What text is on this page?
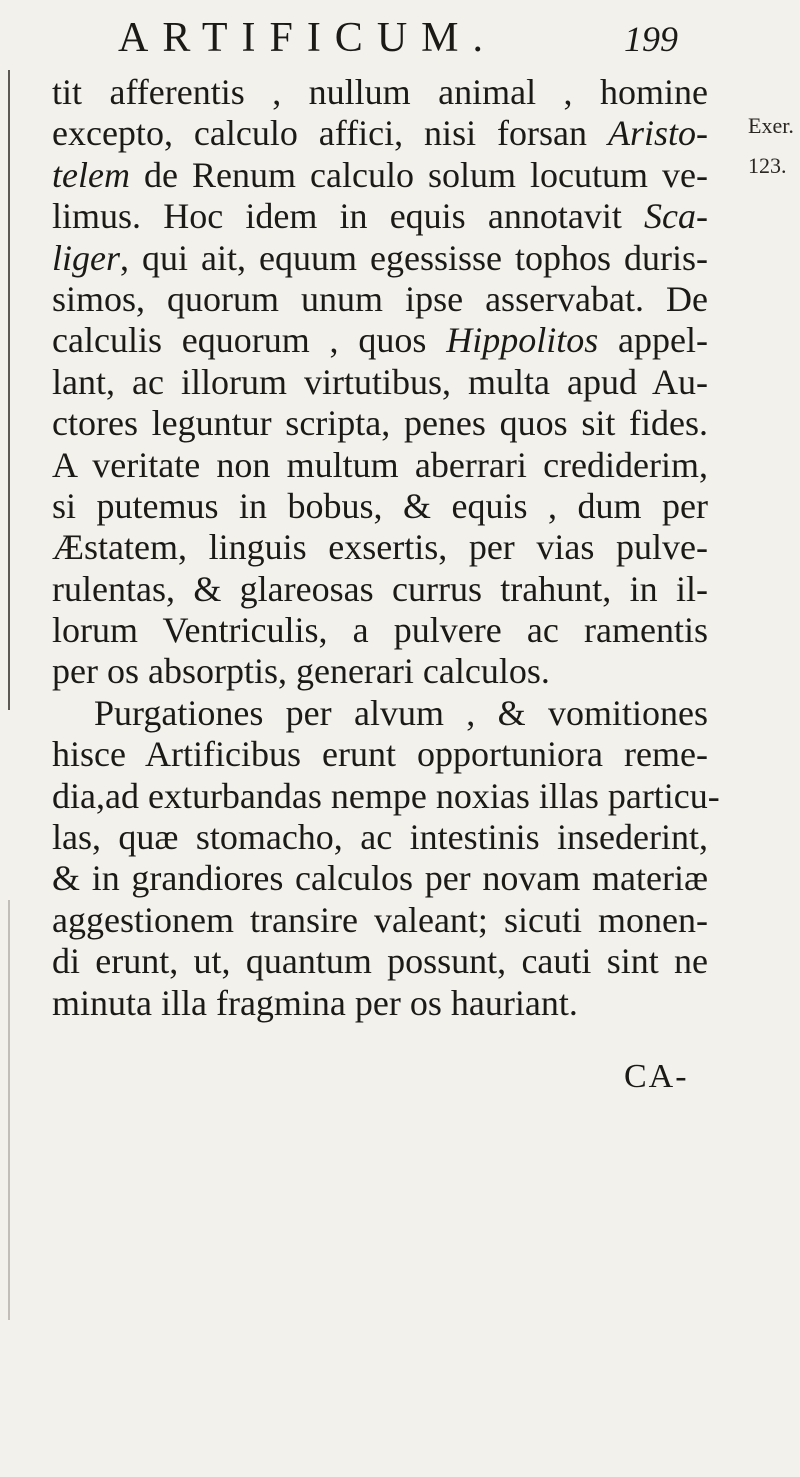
ARTIFICUM.	199
Exer.
123.
tit afferentis , nullum animal , homine
excepto, calculo affici, nisi forsan Aristo-
telem de Renum calculo solum locutum ve-
limus. Hoc idem in equis annotavit Sca-
liger, qui ait, equum egessisse tophos duris-
simos, quorum unum ipse asservabat. De
calculis equorum , quos Hippolitos appel-
lant, ac illorum virtutibus, multa apud Au-
ctores leguntur scripta, penes quos sit fides.
A veritate non multum aberrari crediderim,
si putemus in bobus, & equis , dum per
Æstatem, linguis exsertis, per vias pulve-
rulentas, & glareosas currus trahunt, in il-
lorum Ventriculis, a pulvere ac ramentis
per os absorptis, generari calculos.
Purgationes per alvum , & vomitiones
hisce Artificibus erunt opportuniora reme-
dia,ad exturbandas nempe noxias illas particu-
las, quæ stomacho, ac intestinis insederint,
& in grandiores calculos per novam materiæ
aggestionem transire valeant; sicuti monen-
di erunt, ut, quantum possunt, cauti sint ne
minuta illa fragmina per os hauriant.
CA-
